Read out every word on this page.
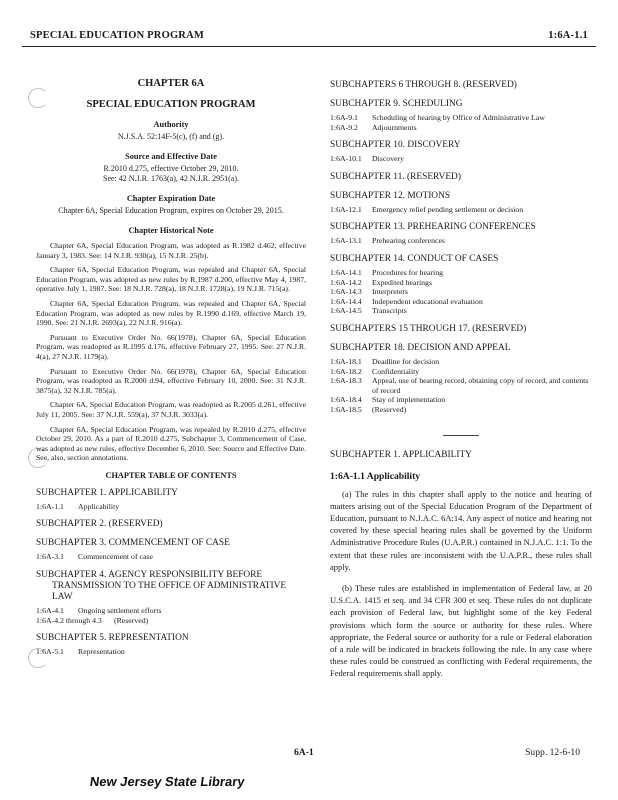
SPECIAL EDUCATION PROGRAM	1:6A-1.1
CHAPTER 6A
SPECIAL EDUCATION PROGRAM
Authority
N.J.S.A. 52:14F-5(c), (f) and (g).
Source and Effective Date
R.2010 d.275, effective October 29, 2010.
See: 42 N.J.R. 1763(a), 42 N.J.R. 2951(a).
Chapter Expiration Date
Chapter 6A, Special Education Program, expires on October 29, 2015.
Chapter Historical Note

Chapter 6A, Special Education Program, was adopted as R.1982 d.462, effective January 3, 1983. See: 14 N.J.R. 930(a), 15 N.J.R. 25(b).

Chapter 6A, Special Education Program, was repealed and Chapter 6A, Special Education Program, was adopted as new rules by R.1987 d.200, effective May 4, 1987, operative July 1, 1987. See: 18 N.J.R. 728(a), 18 N.J.R. 1728(a), 19 N.J.R. 715(a).

Chapter 6A, Special Education Program, was repealed and Chapter 6A, Special Education Program, was adopted as new rules by R.1990 d.169, effective March 19, 1990. See: 21 N.J.R. 2693(a), 22 N.J.R. 916(a).

Pursuant to Executive Order No. 66(1978), Chapter 6A, Special Education Program, was readopted as R.1995 d.176, effective February 27, 1995. See: 27 N.J.R. 4(a), 27 N.J.R. 1179(a).

Pursuant to Executive Order No. 66(1978), Chapter 6A, Special Education Program, was readopted as R.2000 d.94, effective February 10, 2000. See: 31 N.J.R. 3875(a), 32 N.J.R. 785(a).

Chapter 6A, Special Education Program, was readopted as R.2005 d.261, effective July 11, 2005. See: 37 N.J.R. 559(a), 37 N.J.R. 3033(a).

Chapter 6A, Special Education Program, was repealed by R.2010 d.275, effective October 29, 2010. As a part of R.2010 d.275, Subchapter 3, Commencement of Case, was adopted as new rules, effective December 6, 2010. See: Source and Effective Date. See, also, section annotations.

CHAPTER TABLE OF CONTENTS
SUBCHAPTER 1. APPLICABILITY
1:6A-1.1	Applicability
SUBCHAPTER 2. (RESERVED)
SUBCHAPTER 3. COMMENCEMENT OF CASE
1:6A-3.1	Commencement of case
SUBCHAPTER 4. AGENCY RESPONSIBILITY BEFORE TRANSMISSION TO THE OFFICE OF ADMINISTRATIVE LAW
1:6A-4.1	Ongoing settlement efforts
1:6A-4.2 through 4.3	(Reserved)
SUBCHAPTER 5. REPRESENTATION
1:6A-5.1	Representation
SUBCHAPTERS 6 THROUGH 8. (RESERVED)
SUBCHAPTER 9. SCHEDULING
1:6A-9.1	Scheduling of hearing by Office of Administrative Law
1:6A-9.2	Adjournments
SUBCHAPTER 10. DISCOVERY
1:6A-10.1	Discovery
SUBCHAPTER 11. (RESERVED)
SUBCHAPTER 12. MOTIONS
1:6A-12.1	Emergency relief pending settlement or decision
SUBCHAPTER 13. PREHEARING CONFERENCES
1:6A-13.1	Prehearing conferences
SUBCHAPTER 14. CONDUCT OF CASES
1:6A-14.1	Procedures for hearing
1:6A-14.2	Expedited hearings
1:6A-14.3	Interpreters
1:6A-14.4	Independent educational evaluation
1:6A-14.5	Transcripts
SUBCHAPTERS 15 THROUGH 17. (RESERVED)
SUBCHAPTER 18. DECISION AND APPEAL
1:6A-18.1	Deadline for decision
1:6A-18.2	Confidentiality
1:6A-18.3	Appeal, use of hearing record, obtaining copy of record, and contents of record
1:6A-18.4	Stay of implementation
1:6A-18.5	(Reserved)
SUBCHAPTER 1. APPLICABILITY
1:6A-1.1 Applicability
(a) The rules in this chapter shall apply to the notice and hearing of matters arising out of the Special Education Program of the Department of Education, pursuant to N.J.A.C. 6A:14. Any aspect of notice and hearing not covered by these special hearing rules shall be governed by the Uniform Administrative Procedure Rules (U.A.P.R.) contained in N.J.A.C. 1:1. To the extent that these rules are inconsistent with the U.A.P.R., these rules shall apply.
(b) These rules are established in implementation of Federal law, at 20 U.S.C.A. 1415 et seq. and 34 CFR 300 et seq. These rules do not duplicate each provision of Federal law, but highlight some of the key Federal provisions which form the source or authority for these rules. Where appropriate, the Federal source or authority for a rule or Federal elaboration of a rule will be indicated in brackets following the rule. In any case where these rules could be construed as conflicting with Federal requirements, the Federal requirements shall apply.
6A-1	Supp. 12-6-10
New Jersey State Library
